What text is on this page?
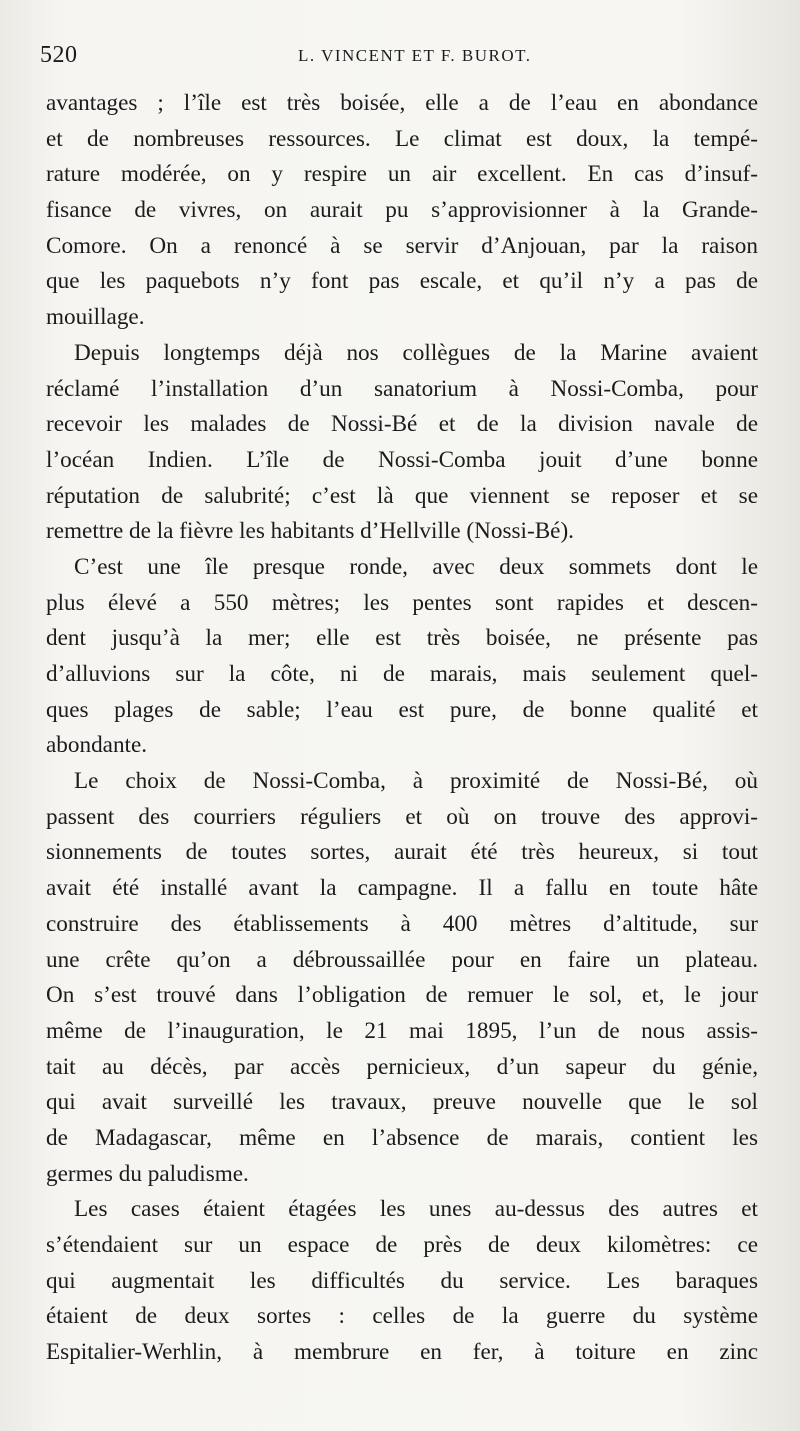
520	L. VINCENT ET F. BUROT.
avantages ; l’île est très boisée, elle a de l’eau en abondance
et de nombreuses ressources. Le climat est doux, la tempé-
rature modérée, on y respire un air excellent. En cas d’insuf-
fisance de vivres, on aurait pu s’approvisionner à la Grande-
Comore. On a renoncé à se servir d’Anjouan, par la raison
que les paquebots n’y font pas escale, et qu’il n’y a pas de
mouillage.
Depuis longtemps déjà nos collègues de la Marine avaient
réclamé l’installation d’un sanatorium à Nossi-Comba, pour
recevoir les malades de Nossi-Bé et de la division navale de
l’océan Indien. L’île de Nossi-Comba jouit d’une bonne
réputation de salubrité; c’est là que viennent se reposer et se
remettre de la fièvre les habitants d’Hellville (Nossi-Bé).
C’est une île presque ronde, avec deux sommets dont le
plus élevé a 550 mètres; les pentes sont rapides et descen-
dent jusqu’à la mer; elle est très boisée, ne présente pas
d’alluvions sur la côte, ni de marais, mais seulement quel-
ques plages de sable; l’eau est pure, de bonne qualité et
abondante.
Le choix de Nossi-Comba, à proximité de Nossi-Bé, où
passent des courriers réguliers et où on trouve des approvi-
sionnements de toutes sortes, aurait été très heureux, si tout
avait été installé avant la campagne. Il a fallu en toute hâte
construire des établissements à 400 mètres d’altitude, sur
une crête qu’on a débroussaillée pour en faire un plateau.
On s’est trouvé dans l’obligation de remuer le sol, et, le jour
même de l’inauguration, le 21 mai 1895, l’un de nous assis-
tait au décès, par accès pernicieux, d’un sapeur du génie,
qui avait surveillé les travaux, preuve nouvelle que le sol
de Madagascar, même en l’absence de marais, contient les
germes du paludisme.
Les cases étaient étagées les unes au-dessus des autres et
s’étendaient sur un espace de près de deux kilomètres: ce
qui augmentait les difficultés du service. Les baraques
étaient de deux sortes : celles de la guerre du système
Espitalier-Werhlin, à membrure en fer, à toiture en zinc
